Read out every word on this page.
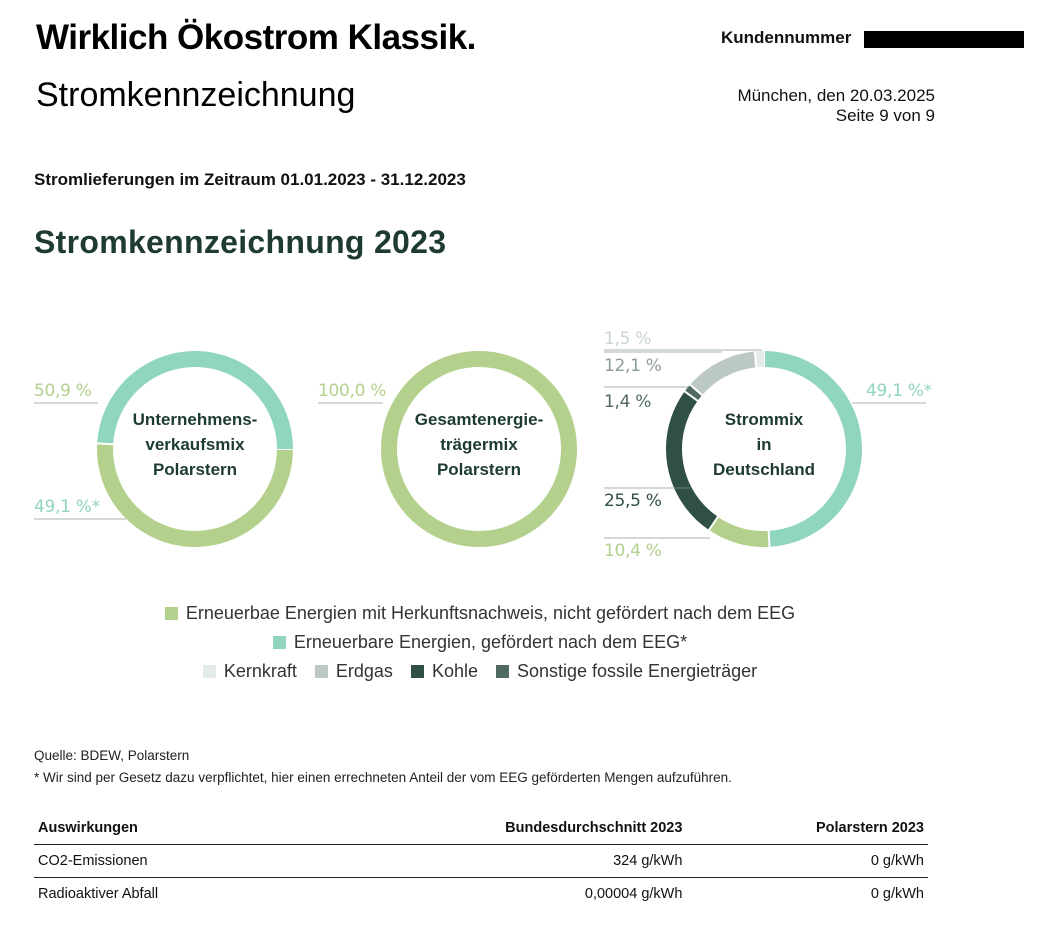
Wirklich Ökostrom Klassik.
Stromkennzeichnung
Kundennummer
München, den 20.03.2025
Seite 9 von 9
Stromlieferungen im Zeitraum 01.01.2023 - 31.12.2023
Stromkennzeichnung 2023
50,9 %
49,1 %*
Unternehmens-
verkaufsmix
Polarstern
100,0 %
Gesamtenergie-
trägermix
Polarstern
49,1 %*
10,4 %
25,5 %
1,4 %
12,1 %
1,5 %
Strommix
in
Deutschland
Erneuerbae Energien mit Herkunftsnachweis, nicht gefördert nach dem EEG
Erneuerbare Energien, gefördert nach dem EEG*
Kernkraft Erdgas Kohle Sonstige fossile Energieträger
Quelle: BDEW, Polarstern
* Wir sind per Gesetz dazu verpflichtet, hier einen errechneten Anteil der vom EEG geförderten Mengen aufzuführen.
Auswirkungen	Bundesdurchschnitt 2023	Polarstern 2023
CO2-Emissionen	324 g/kWh	0 g/kWh
Radioaktiver Abfall	0,00004 g/kWh	0 g/kWh
